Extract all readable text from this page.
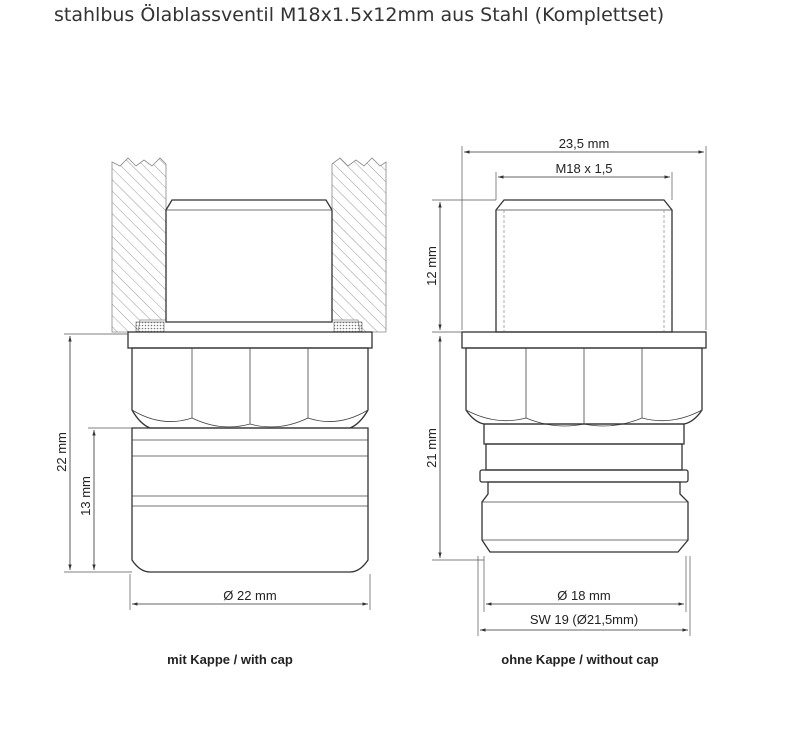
stahlbus Ölablassventil M18x1.5x12mm aus Stahl (Komplettset)
22 mm
13 mm
Ø 22 mm
mit Kappe / with cap
23,5 mm
M18 x 1,5
12 mm
21 mm
Ø 18 mm
SW 19 (Ø21,5mm)
ohne Kappe / without cap
